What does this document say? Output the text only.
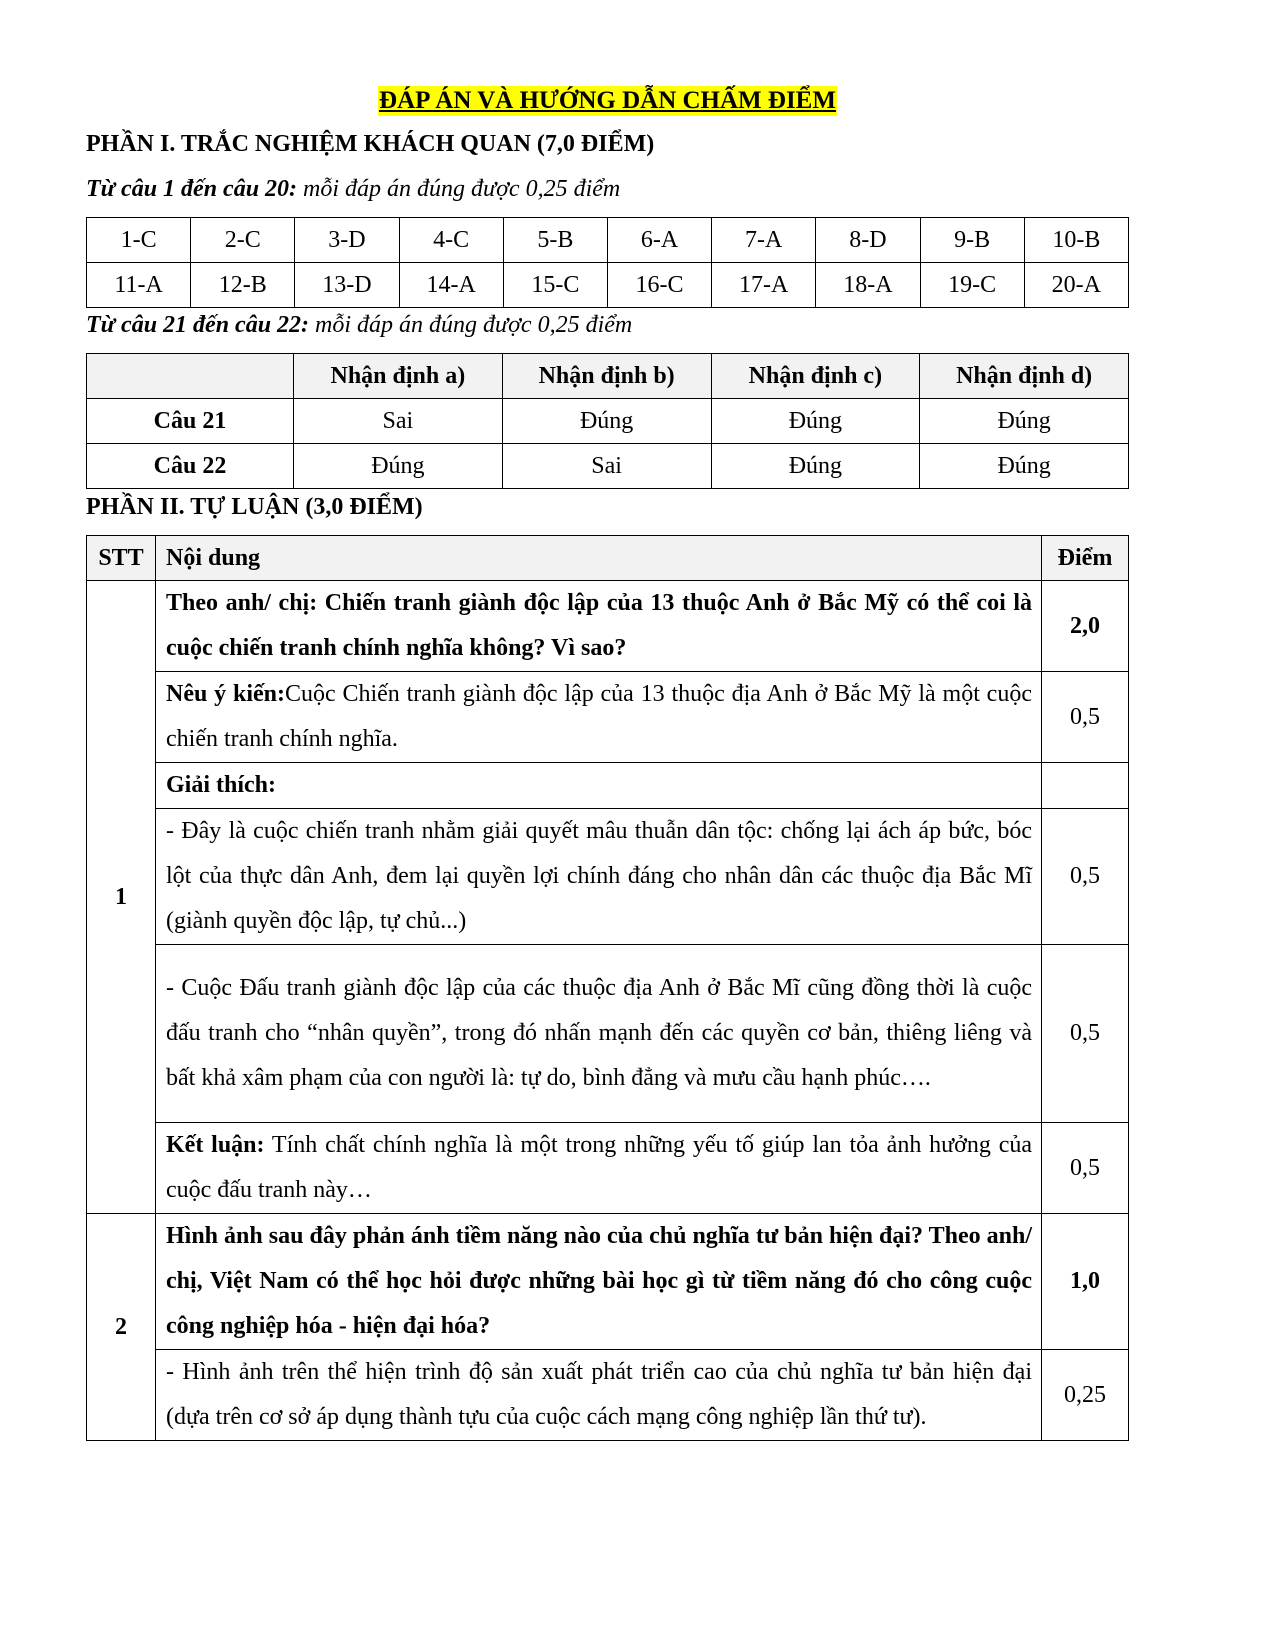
ĐÁP ÁN VÀ HƯỚNG DẪN CHẤM ĐIỂM
PHẦN I. TRẮC NGHIỆM KHÁCH QUAN (7,0 ĐIỂM)
Từ câu 1 đến câu 20: mỗi đáp án đúng được 0,25 điểm
1-C	2-C	3-D	4-C	5-B	6-A	7-A	8-D	9-B	10-B
11-A	12-B	13-D	14-A	15-C	16-C	17-A	18-A	19-C	20-A
Từ câu 21 đến câu 22: mỗi đáp án đúng được 0,25 điểm
	Nhận định a)	Nhận định b)	Nhận định c)	Nhận định d)
Câu 21	Sai	Đúng	Đúng	Đúng
Câu 22	Đúng	Sai	Đúng	Đúng
PHẦN II. TỰ LUẬN (3,0 ĐIỂM)
STT	Nội dung	Điểm
1	Theo anh/ chị: Chiến tranh giành độc lập của 13 thuộc Anh ở Bắc Mỹ có thể coi là cuộc chiến tranh chính nghĩa không? Vì sao?	2,0
	Nêu ý kiến:Cuộc Chiến tranh giành độc lập của 13 thuộc địa Anh ở Bắc Mỹ là một cuộc chiến tranh chính nghĩa.	0,5
	Giải thích:	
	- Đây là cuộc chiến tranh nhằm giải quyết mâu thuẫn dân tộc: chống lại ách áp bức, bóc lột của thực dân Anh, đem lại quyền lợi chính đáng cho nhân dân các thuộc địa Bắc Mĩ (giành quyền độc lập, tự chủ...)	0,5
	- Cuộc Đấu tranh giành độc lập của các thuộc địa Anh ở Bắc Mĩ cũng đồng thời là cuộc đấu tranh cho “nhân quyền”, trong đó nhấn mạnh đến các quyền cơ bản, thiêng liêng và bất khả xâm phạm của con người là: tự do, bình đẳng và mưu cầu hạnh phúc….	0,5
	Kết luận: Tính chất chính nghĩa là một trong những yếu tố giúp lan tỏa ảnh hưởng của cuộc đấu tranh này…	0,5
2	Hình ảnh sau đây phản ánh tiềm năng nào của chủ nghĩa tư bản hiện đại? Theo anh/ chị, Việt Nam có thể học hỏi được những bài học gì từ tiềm năng đó cho công cuộc công nghiệp hóa - hiện đại hóa?	1,0
	- Hình ảnh trên thể hiện trình độ sản xuất phát triển cao của chủ nghĩa tư bản hiện đại (dựa trên cơ sở áp dụng thành tựu của cuộc cách mạng công nghiệp lần thứ tư).	0,25
